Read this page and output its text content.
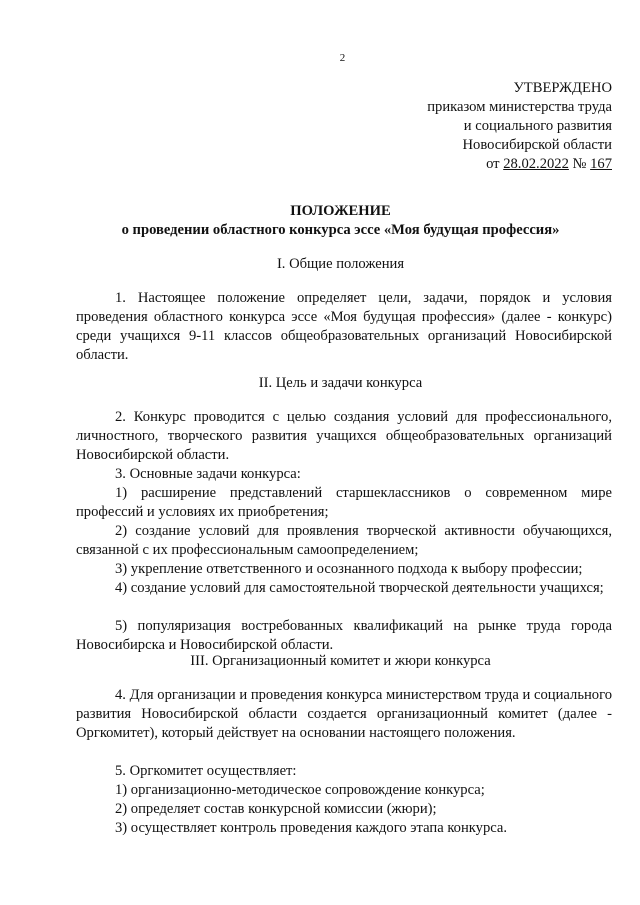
2
УТВЕРЖДЕНО
приказом министерства труда
и социального развития
Новосибирской области
от 28.02.2022 № 167
ПОЛОЖЕНИЕ
о проведении областного конкурса эссе «Моя будущая профессия»
I. Общие положения
1. Настоящее положение определяет цели, задачи, порядок и условия проведения областного конкурса эссе «Моя будущая профессия» (далее - конкурс) среди учащихся 9-11 классов общеобразовательных организаций Новосибирской области.
II. Цель и задачи конкурса
2. Конкурс проводится с целью создания условий для профессионального, личностного, творческого развития учащихся общеобразовательных организаций Новосибирской области.
3. Основные задачи конкурса:
1) расширение представлений старшеклассников о современном мире профессий и условиях их приобретения;
2) создание условий для проявления творческой активности обучающихся, связанной с их профессиональным самоопределением;
3) укрепление ответственного и осознанного подхода к выбору профессии;
4) создание условий для самостоятельной творческой деятельности учащихся;
5) популяризация востребованных квалификаций на рынке труда города Новосибирска и Новосибирской области.
III. Организационный комитет и жюри конкурса
4. Для организации и проведения конкурса министерством труда и социального развития Новосибирской области создается организационный комитет (далее - Оргкомитет), который действует на основании настоящего положения.
5. Оргкомитет осуществляет:
1) организационно-методическое сопровождение конкурса;
2) определяет состав конкурсной комиссии (жюри);
3) осуществляет контроль проведения каждого этапа конкурса.
